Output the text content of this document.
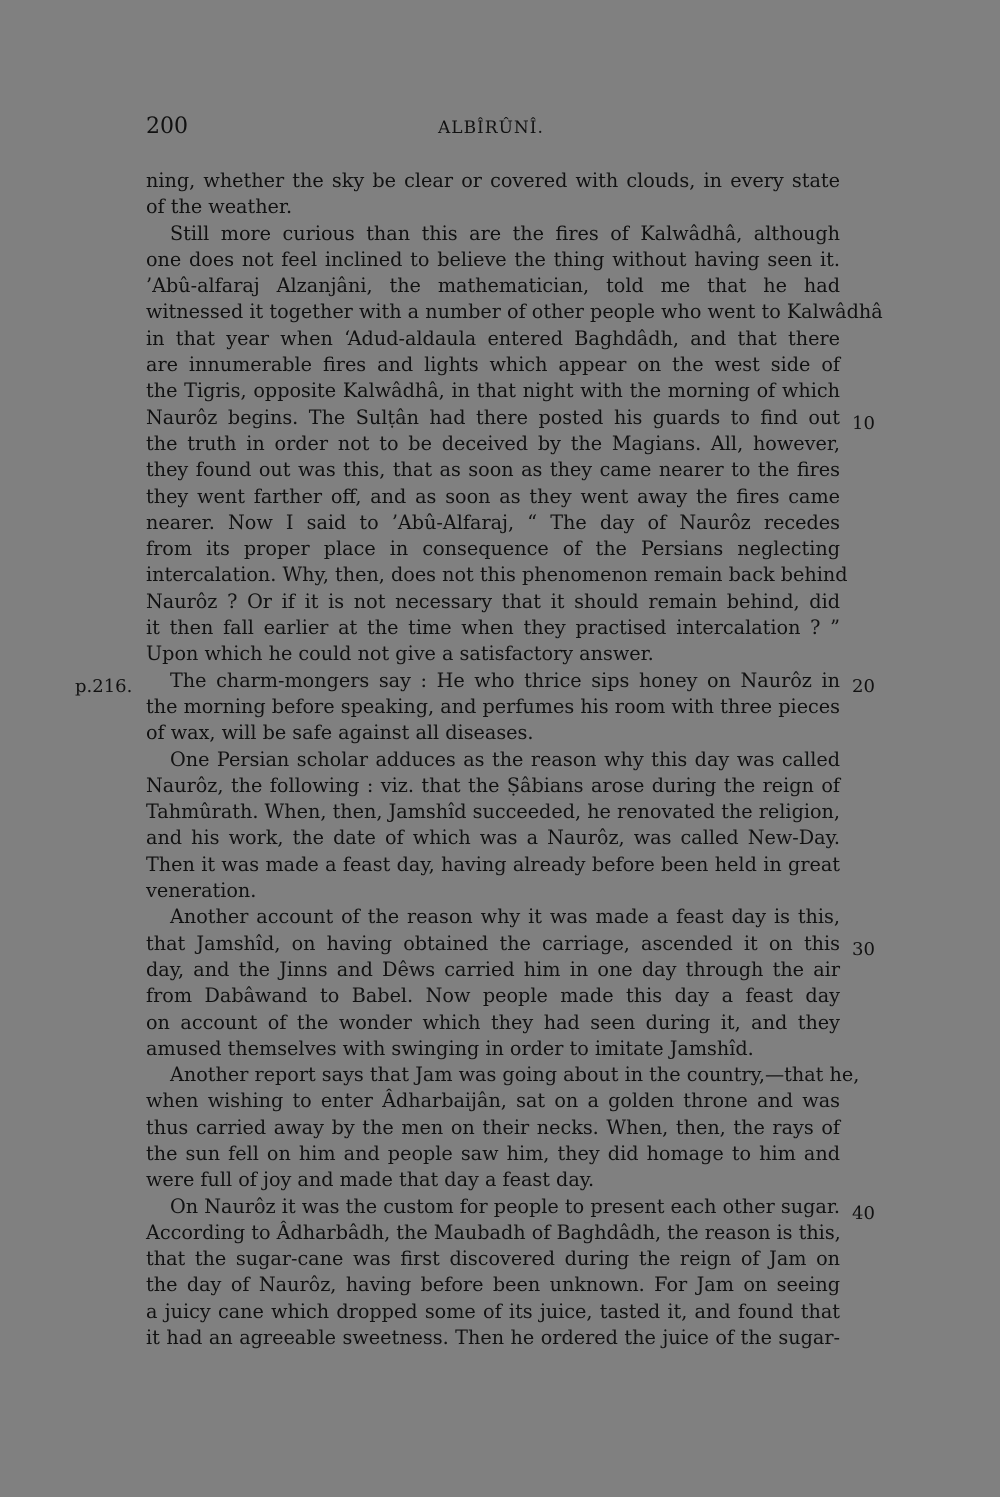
200	ALBÎRÛNÎ.
p.216.
10
20
30
40
ning, whether the sky be clear or covered with clouds, in every state
of the weather.
Still more curious than this are the fires of Kalwâdhâ, although
one does not feel inclined to believe the thing without having seen it.
’Abû-alfaraj Alzanjâni, the mathematician, told me that he had
witnessed it together with a number of other people who went to Kalwâdhâ
in that year when ‘Adud-aldaula entered Baghdâdh, and that there
are innumerable fires and lights which appear on the west side of
the Tigris, opposite Kalwâdhâ, in that night with the morning of which
Naurôz begins. The Sulṭân had there posted his guards to find out
the truth in order not to be deceived by the Magians. All, however,
they found out was this, that as soon as they came nearer to the fires
they went farther off, and as soon as they went away the fires came
nearer. Now I said to ’Abû-Alfaraj, “ The day of Naurôz recedes
from its proper place in consequence of the Persians neglecting
intercalation. Why, then, does not this phenomenon remain back behind
Naurôz ? Or if it is not necessary that it should remain behind, did
it then fall earlier at the time when they practised intercalation ? ”
Upon which he could not give a satisfactory answer.
The charm-mongers say : He who thrice sips honey on Naurôz in
the morning before speaking, and perfumes his room with three pieces
of wax, will be safe against all diseases.
One Persian scholar adduces as the reason why this day was called
Naurôz, the following : viz. that the Ṣâbians arose during the reign of
Tahmûrath. When, then, Jamshîd succeeded, he renovated the religion,
and his work, the date of which was a Naurôz, was called New-Day.
Then it was made a feast day, having already before been held in great
veneration.
Another account of the reason why it was made a feast day is this,
that Jamshîd, on having obtained the carriage, ascended it on this
day, and the Jinns and Dêws carried him in one day through the air
from Dabâwand to Babel. Now people made this day a feast day
on account of the wonder which they had seen during it, and they
amused themselves with swinging in order to imitate Jamshîd.
Another report says that Jam was going about in the country,—that he,
when wishing to enter Âdharbaijân, sat on a golden throne and was
thus carried away by the men on their necks. When, then, the rays of
the sun fell on him and people saw him, they did homage to him and
were full of joy and made that day a feast day.
On Naurôz it was the custom for people to present each other sugar.
According to Âdharbâdh, the Maubadh of Baghdâdh, the reason is this,
that the sugar-cane was first discovered during the reign of Jam on
the day of Naurôz, having before been unknown. For Jam on seeing
a juicy cane which dropped some of its juice, tasted it, and found that
it had an agreeable sweetness. Then he ordered the juice of the sugar-
